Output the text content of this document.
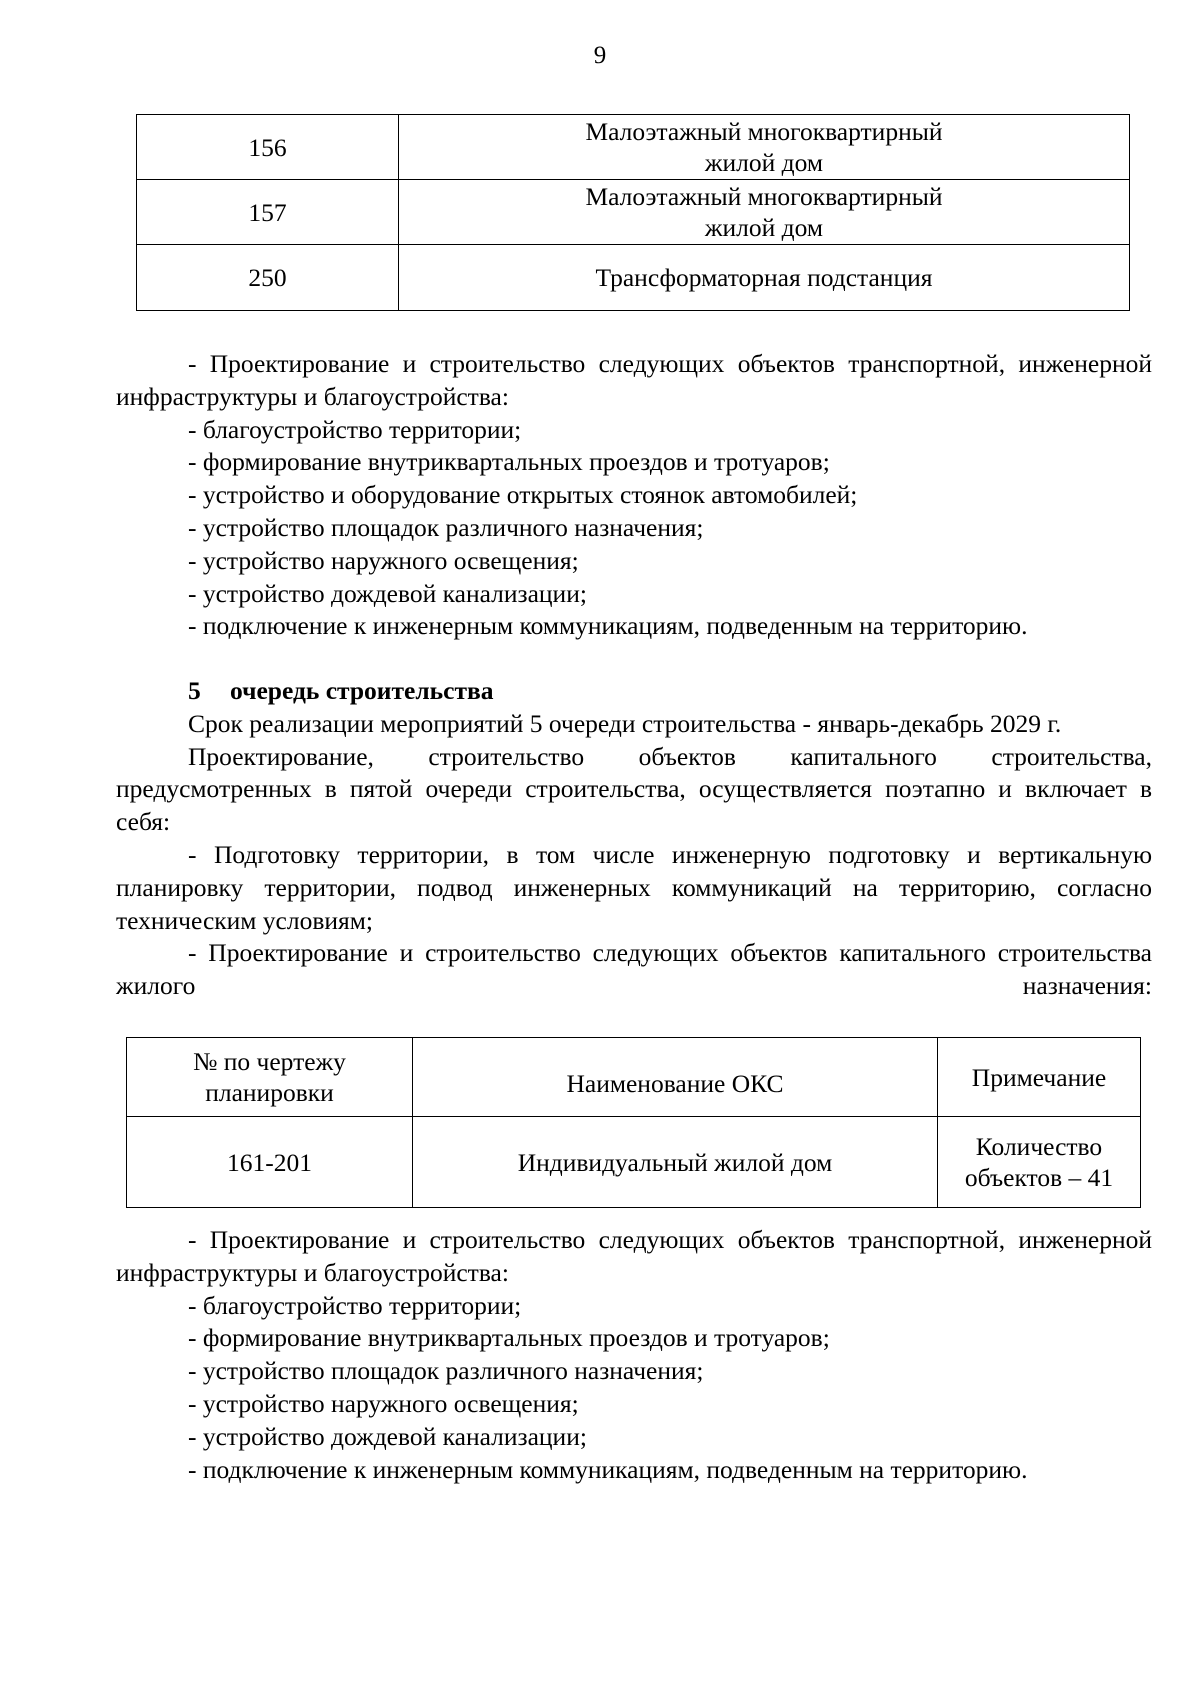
9
156	Малоэтажный многоквартирный
жилой дом
157	Малоэтажный многоквартирный
жилой дом
250	Трансформаторная подстанция

- Проектирование и строительство следующих объектов транспортной, инженерной инфраструктуры и благоустройства:

- благоустройство территории;

- формирование внутриквартальных проездов и тротуаров;

- устройство и оборудование открытых стоянок автомобилей;

- устройство площадок различного назначения;

- устройство наружного освещения;

- устройство дождевой канализации;

- подключение к инженерным коммуникациям, подведенным на территорию.

5 очередь строительства

Срок реализации мероприятий 5 очереди строительства - январь-декабрь 2029 г.

Проектирование, строительство объектов капитального строительства, предусмотренных в пятой очереди строительства, осуществляется поэтапно и включает в себя:

- Подготовку территории, в том числе инженерную подготовку и вертикальную планировку территории, подвод инженерных коммуникаций на территорию, согласно техническим условиям;

- Проектирование и строительство следующих объектов капитального строительства жилого назначения:

№ по чертежу
планировки	Наименование ОКС	Примечание
161-201	Индивидуальный жилой дом	Количество
объектов – 41

- Проектирование и строительство следующих объектов транспортной, инженерной инфраструктуры и благоустройства:

- благоустройство территории;

- формирование внутриквартальных проездов и тротуаров;

- устройство площадок различного назначения;

- устройство наружного освещения;

- устройство дождевой канализации;

- подключение к инженерным коммуникациям, подведенным на территорию.
